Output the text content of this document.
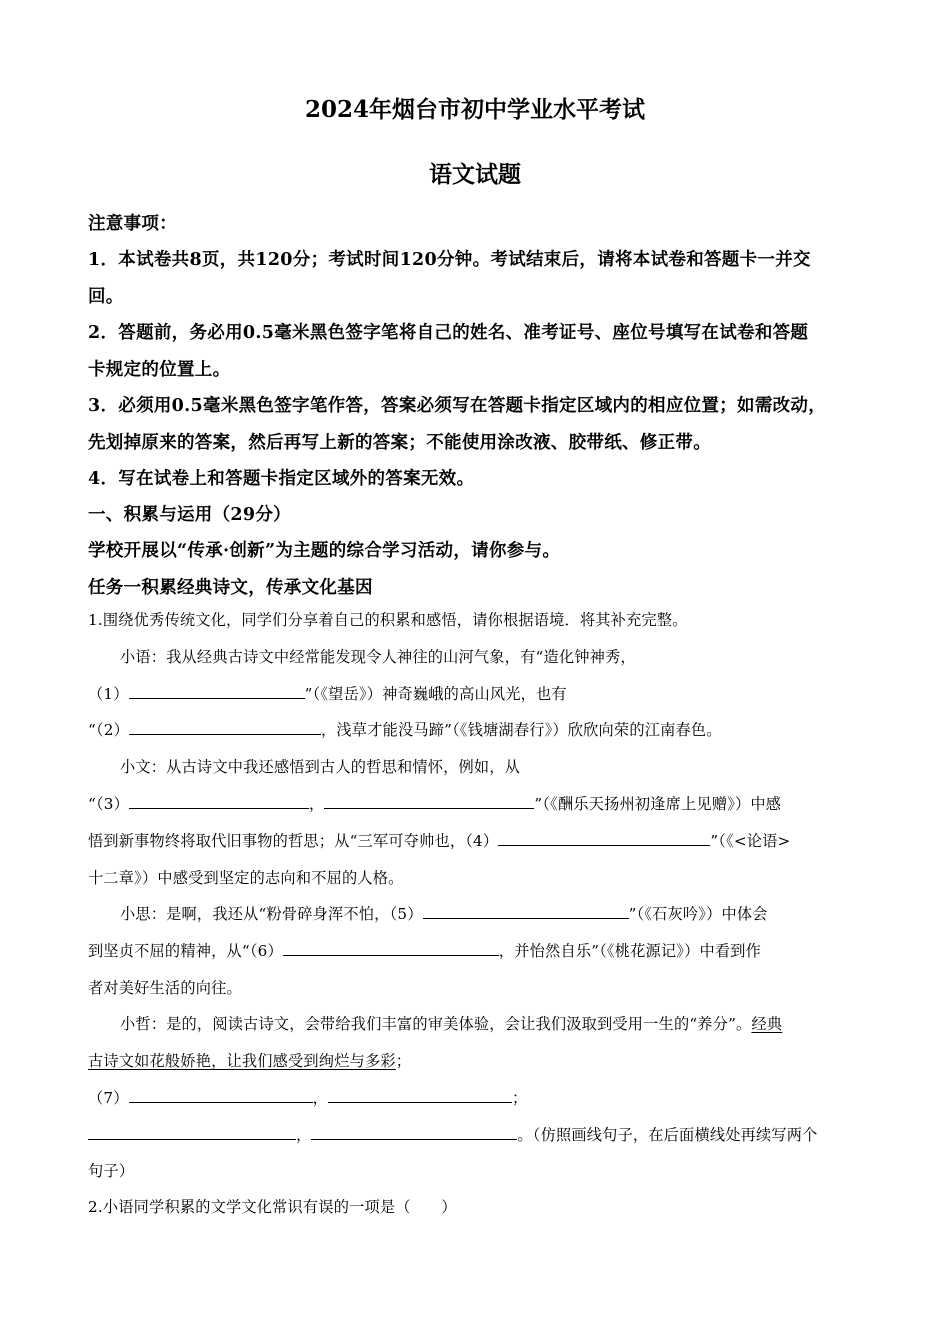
2024年烟台市初中学业水平考试
语文试题
注意事项：
1．本试卷共8页，共120分；考试时间120分钟。考试结束后，请将本试卷和答题卡一并交
回。
2．答题前，务必用0.5毫米黑色签字笔将自己的姓名、准考证号、座位号填写在试卷和答题
卡规定的位置上。
3．必须用0.5毫米黑色签字笔作答，答案必须写在答题卡指定区域内的相应位置；如需改动，
先划掉原来的答案，然后再写上新的答案；不能使用涂改液、胶带纸、修正带。
4．写在试卷上和答题卡指定区域外的答案无效。
一、积累与运用（29分）
学校开展以“传承·创新”为主题的综合学习活动，请你参与。
任务一积累经典诗文，传承文化基因
1.围绕优秀传统文化，同学们分享着自己的积累和感悟，请你根据语境．将其补充完整。
小语：我从经典古诗文中经常能发现令人神往的山河气象，有“造化钟神秀，
（1）	”（《望岳》）神奇巍峨的高山风光，也有
“（2）	，浅草才能没马蹄”（《钱塘湖春行》）欣欣向荣的江南春色。
小文：从古诗文中我还感悟到古人的哲思和情怀，例如，从
“（3）	，	”（《酬乐天扬州初逢席上见赠》）中感
悟到新事物终将取代旧事物的哲思；从“三军可夺帅也，（4）	”（《<论语>
十二章》）中感受到坚定的志向和不屈的人格。
小思：是啊，我还从“粉骨碎身浑不怕，（5）	”（《石灰吟》）中体会
到坚贞不屈的精神，从“（6）	，并怡然自乐”（《桃花源记》）中看到作
者对美好生活的向往。
小哲：是的，阅读古诗文，会带给我们丰富的审美体验，会让我们汲取到受用一生的“养分”。经典
古诗文如花般娇艳，让我们感受到绚烂与多彩；
（7）	，	；
，	。（仿照画线句子，在后面横线处再续写两个
句子）
2.小语同学积累的文学文化常识有误的一项是（　　）
